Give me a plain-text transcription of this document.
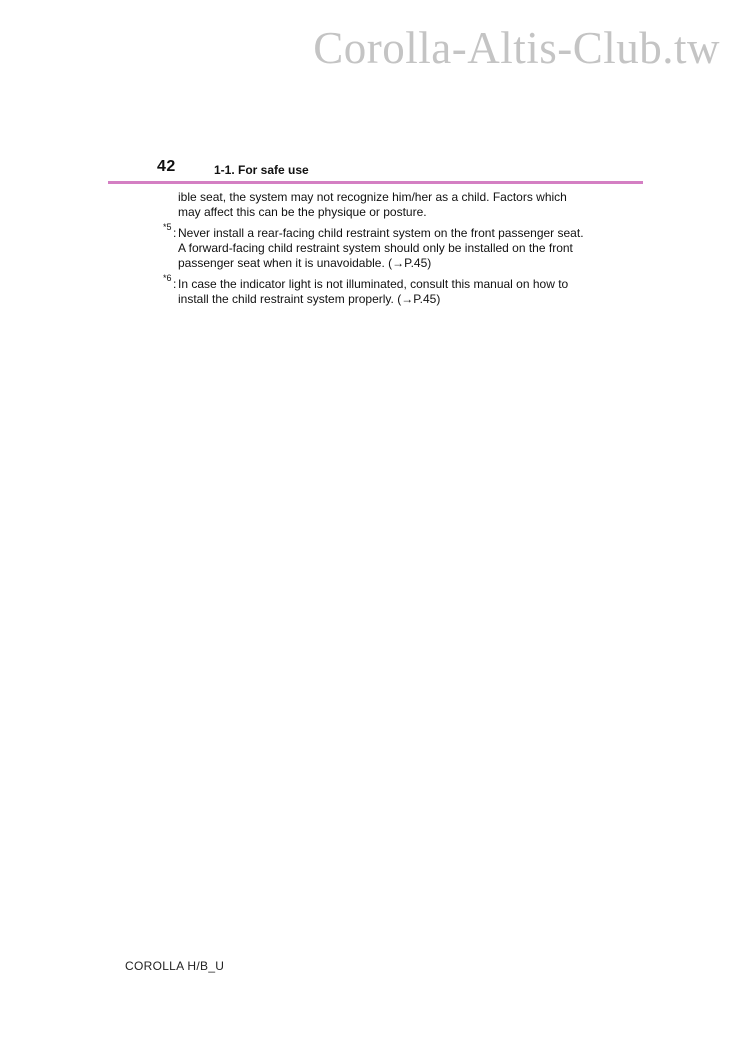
Corolla-Altis-Club.tw
42	1-1. For safe use

ible seat, the system may not recognize him/her as a child. Factors which may affect this can be the physique or posture.

*5 : Never install a rear-facing child restraint system on the front passenger seat. A forward-facing child restraint system should only be installed on the front passenger seat when it is unavoidable. (→P.45)

*6 : In case the indicator light is not illuminated, consult this manual on how to install the child restraint system properly. (→P.45)

COROLLA H/B_U
